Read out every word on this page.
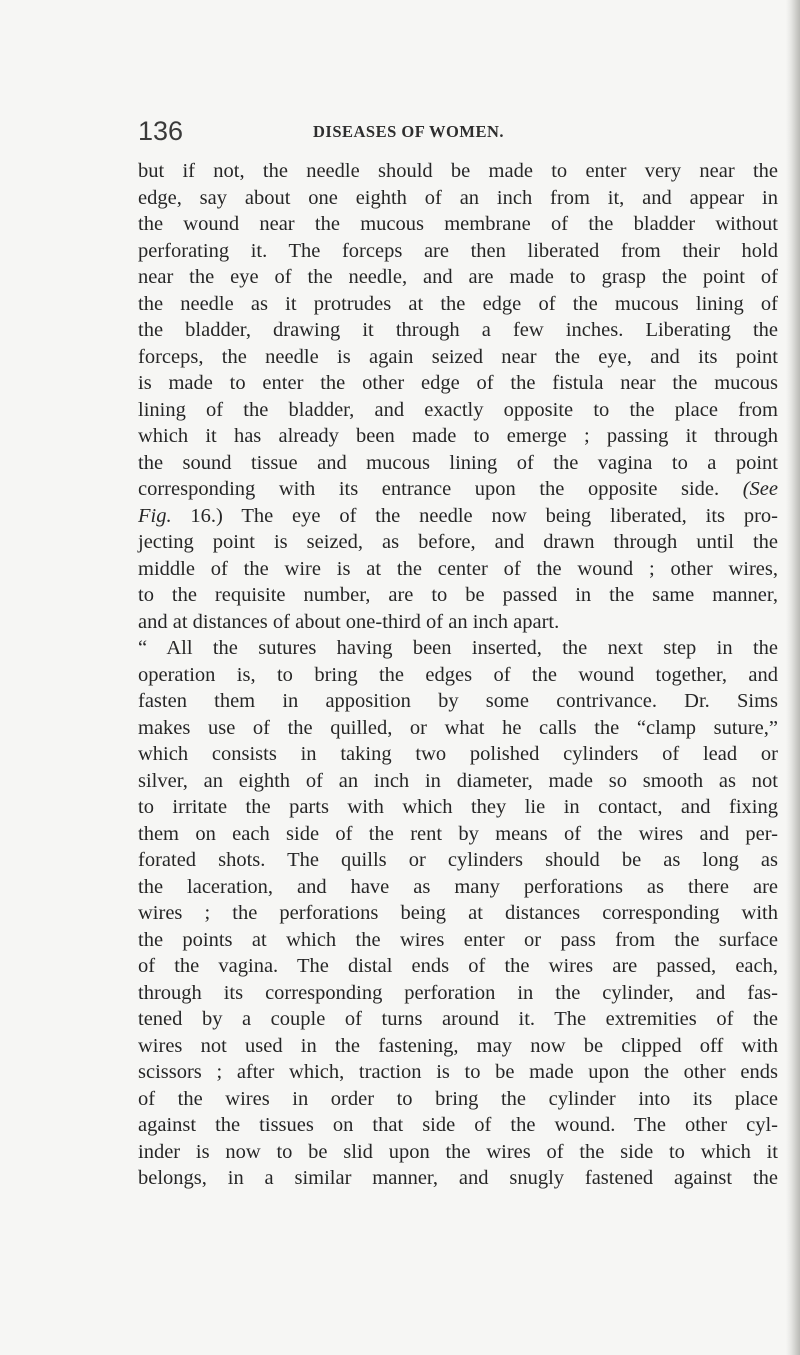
136	DISEASES OF WOMEN.
but if not, the needle should be made to enter very near the
edge, say about one eighth of an inch from it, and appear in
the wound near the mucous membrane of the bladder without
perforating it. The forceps are then liberated from their hold
near the eye of the needle, and are made to grasp the point of
the needle as it protrudes at the edge of the mucous lining of
the bladder, drawing it through a few inches. Liberating the
forceps, the needle is again seized near the eye, and its point
is made to enter the other edge of the fistula near the mucous
lining of the bladder, and exactly opposite to the place from
which it has already been made to emerge ; passing it through
the sound tissue and mucous lining of the vagina to a point
corresponding with its entrance upon the opposite side. (See
Fig. 16.) The eye of the needle now being liberated, its pro-
jecting point is seized, as before, and drawn through until the
middle of the wire is at the center of the wound ; other wires,
to the requisite number, are to be passed in the same manner,
and at distances of about one-third of an inch apart.
“ All the sutures having been inserted, the next step in the
operation is, to bring the edges of the wound together, and
fasten them in apposition by some contrivance. Dr. Sims
makes use of the quilled, or what he calls the “clamp suture,”
which consists in taking two polished cylinders of lead or
silver, an eighth of an inch in diameter, made so smooth as not
to irritate the parts with which they lie in contact, and fixing
them on each side of the rent by means of the wires and per-
forated shots. The quills or cylinders should be as long as
the laceration, and have as many perforations as there are
wires ; the perforations being at distances corresponding with
the points at which the wires enter or pass from the surface
of the vagina. The distal ends of the wires are passed, each,
through its corresponding perforation in the cylinder, and fas-
tened by a couple of turns around it. The extremities of the
wires not used in the fastening, may now be clipped off with
scissors ; after which, traction is to be made upon the other ends
of the wires in order to bring the cylinder into its place
against the tissues on that side of the wound. The other cyl-
inder is now to be slid upon the wires of the side to which it
belongs, in a similar manner, and snugly fastened against the
